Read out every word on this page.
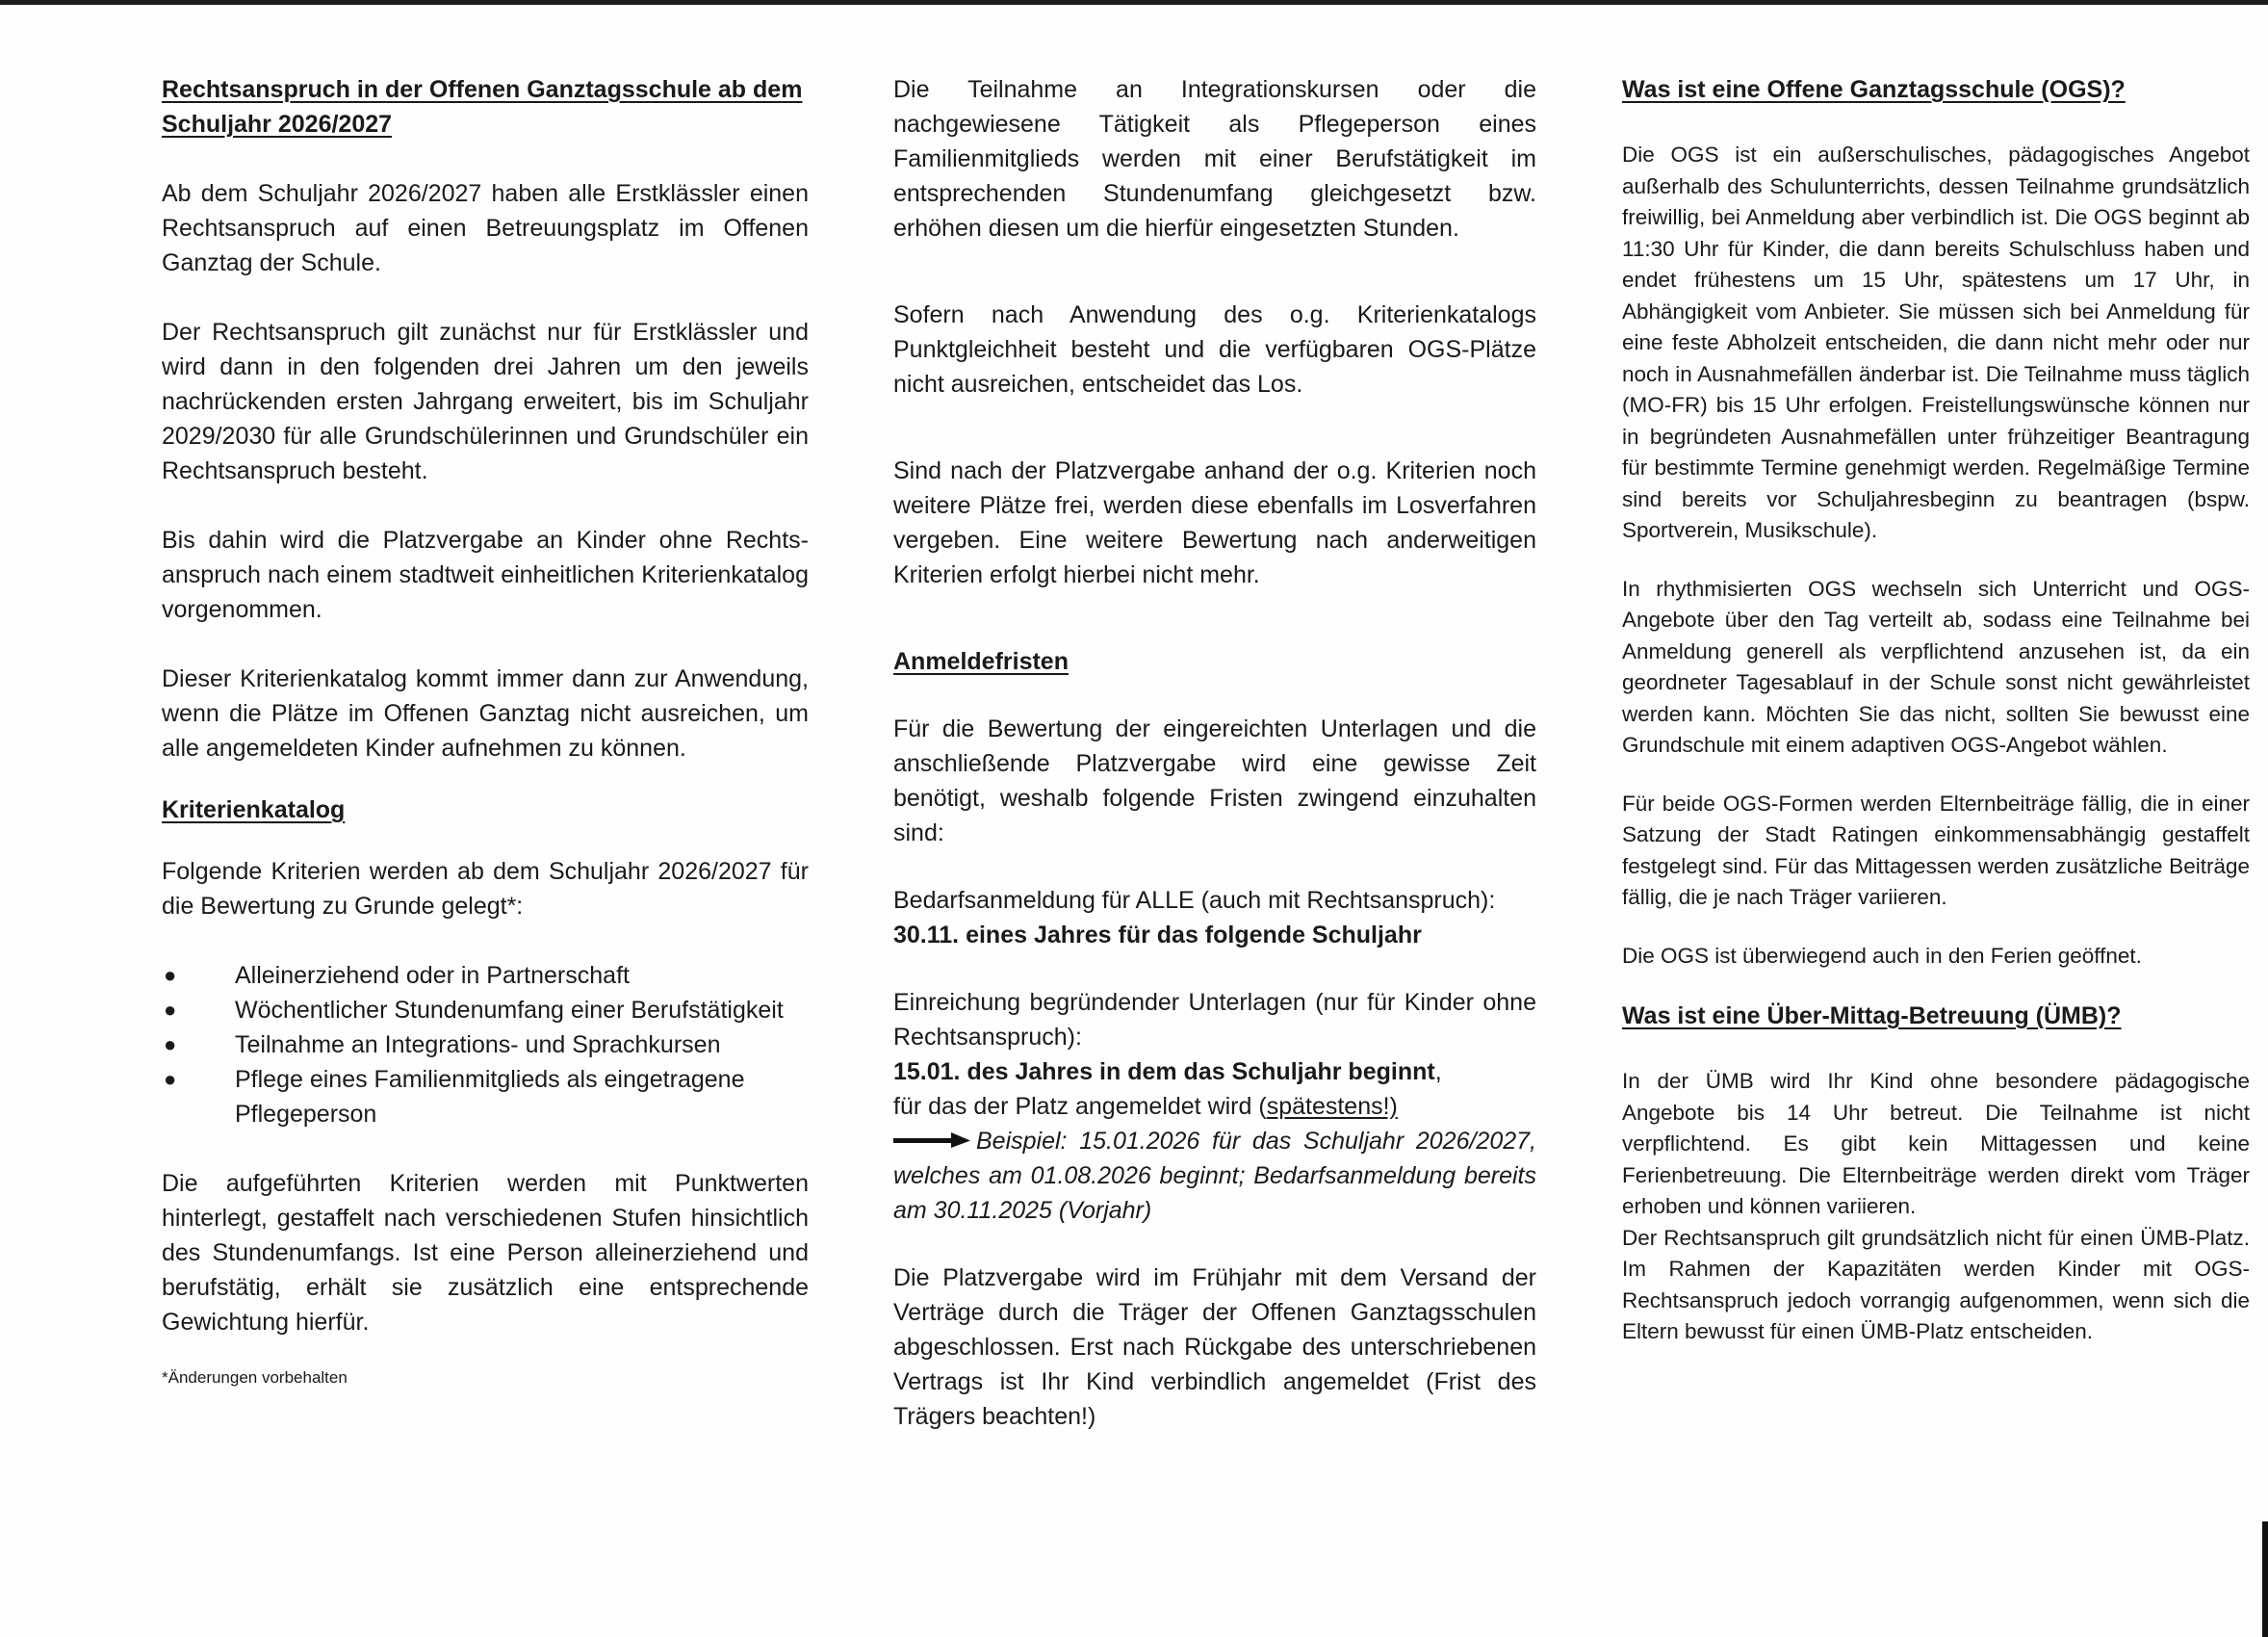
Rechtsanspruch in der Offenen Ganztagsschule ab dem Schuljahr 2026/2027

Ab dem Schuljahr 2026/2027 haben alle Erstklässler einen Rechtsanspruch auf einen Betreuungsplatz im Offenen Ganztag der Schule.

Der Rechtsanspruch gilt zunächst nur für Erstklässler und wird dann in den folgenden drei Jahren um den jeweils nachrückenden ersten Jahrgang erweitert, bis im Schuljahr 2029/2030 für alle Grundschülerinnen und Grundschüler ein Rechtsanspruch besteht.

Bis dahin wird die Platzvergabe an Kinder ohne Rechtsanspruch nach einem stadtweit einheitlichen Kriterienkatalog vorgenommen.

Dieser Kriterienkatalog kommt immer dann zur Anwendung, wenn die Plätze im Offenen Ganztag nicht ausreichen, um alle angemeldeten Kinder aufnehmen zu können.

Kriterienkatalog

Folgende Kriterien werden ab dem Schuljahr 2026/2027 für die Bewertung zu Grunde gelegt*:

● Alleinerziehend oder in Partnerschaft
● Wöchentlicher Stundenumfang einer Berufstätigkeit
● Teilnahme an Integrations- und Sprachkursen
● Pflege eines Familienmitglieds als eingetragene Pflegeperson

Die aufgeführten Kriterien werden mit Punktwerten hinterlegt, gestaffelt nach verschiedenen Stufen hinsichtlich des Stundenumfangs. Ist eine Person alleinerziehend und berufstätig, erhält sie zusätzlich eine entsprechende Gewichtung hierfür.

*Änderungen vorbehalten

Die Teilnahme an Integrationskursen oder die nachgewiesene Tätigkeit als Pflegeperson eines Familienmitglieds werden mit einer Berufstätigkeit im entsprechenden Stundenumfang gleichgesetzt bzw. erhöhen diesen um die hierfür eingesetzten Stunden.

Sofern nach Anwendung des o.g. Kriterienkatalogs Punktgleichheit besteht und die verfügbaren OGS-Plätze nicht ausreichen, entscheidet das Los.

Sind nach der Platzvergabe anhand der o.g. Kriterien noch weitere Plätze frei, werden diese ebenfalls im Losverfahren vergeben. Eine weitere Bewertung nach anderweitigen Kriterien erfolgt hierbei nicht mehr.

Anmeldefristen

Für die Bewertung der eingereichten Unterlagen und die anschließende Platzvergabe wird eine gewisse Zeit benötigt, weshalb folgende Fristen zwingend einzuhalten sind:

Bedarfsanmeldung für ALLE (auch mit Rechtsanspruch):

30.11. eines Jahres für das folgende Schuljahr

Einreichung begründender Unterlagen (nur für Kinder ohne Rechtsanspruch):

15.01. des Jahres in dem das Schuljahr beginnt,

für das der Platz angemeldet wird (spätestens!)

Beispiel: 15.01.2026 für das Schuljahr 2026/2027, welches am 01.08.2026 beginnt; Bedarfsanmeldung bereits am 30.11.2025 (Vorjahr)

Die Platzvergabe wird im Frühjahr mit dem Versand der Verträge durch die Träger der Offenen Ganztagsschulen abgeschlossen. Erst nach Rückgabe des unterschriebenen Vertrags ist Ihr Kind verbindlich angemeldet (Frist des Trägers beachten!)

Was ist eine Offene Ganztagsschule (OGS)?

Die OGS ist ein außerschulisches, pädagogisches Angebot außerhalb des Schulunterrichts, dessen Teilnahme grundsätzlich freiwillig, bei Anmeldung aber verbindlich ist. Die OGS beginnt ab 11:30 Uhr für Kinder, die dann bereits Schulschluss haben und endet frühestens um 15 Uhr, spätestens um 17 Uhr, in Abhängigkeit vom Anbieter. Sie müssen sich bei Anmeldung für eine feste Abholzeit entscheiden, die dann nicht mehr oder nur noch in Ausnahmefällen änderbar ist. Die Teilnahme muss täglich (MO-FR) bis 15 Uhr erfolgen. Freistellungswünsche können nur in begründeten Ausnahmefällen unter frühzeitiger Beantragung für bestimmte Termine genehmigt werden. Regelmäßige Termine sind bereits vor Schuljahresbeginn zu beantragen (bspw. Sportverein, Musikschule).

In rhythmisierten OGS wechseln sich Unterricht und OGS-Angebote über den Tag verteilt ab, sodass eine Teilnahme bei Anmeldung generell als verpflichtend anzusehen ist, da ein geordneter Tagesablauf in der Schule sonst nicht gewährleistet werden kann. Möchten Sie das nicht, sollten Sie bewusst eine Grundschule mit einem adaptiven OGS-Angebot wählen.

Für beide OGS-Formen werden Elternbeiträge fällig, die in einer Satzung der Stadt Ratingen einkommensabhängig gestaffelt festgelegt sind. Für das Mittagessen werden zusätzliche Beiträge fällig, die je nach Träger variieren.

Die OGS ist überwiegend auch in den Ferien geöffnet.

Was ist eine Über-Mittag-Betreuung (ÜMB)?

In der ÜMB wird Ihr Kind ohne besondere pädagogische Angebote bis 14 Uhr betreut. Die Teilnahme ist nicht verpflichtend. Es gibt kein Mittagessen und keine Ferienbetreuung. Die Elternbeiträge werden direkt vom Träger erhoben und können variieren.

Der Rechtsanspruch gilt grundsätzlich nicht für einen ÜMB-Platz. Im Rahmen der Kapazitäten werden Kinder mit OGS-Rechtsanspruch jedoch vorrangig aufgenommen, wenn sich die Eltern bewusst für einen ÜMB-Platz entscheiden.
